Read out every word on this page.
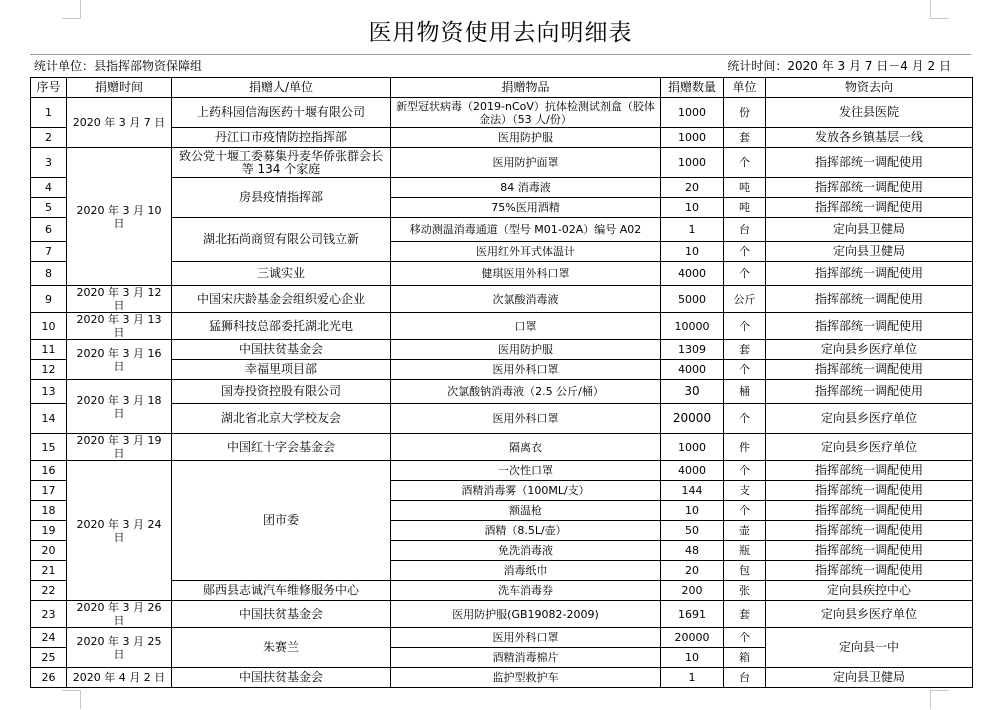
医用物资使用去向明细表
统计单位：县指挥部物资保障组	统计时间：2020 年 3 月 7 日－4 月 2 日
序号	捐赠时间	捐赠人/单位	捐赠物品	捐赠数量	单位	物资去向
1	2020 年 3 月 7 日	上药科园信海医药十堰有限公司	新型冠状病毒（2019-nCoV）抗体检测试剂盒（胶体金法）（53 人/份）	1000	份	发往县医院
2		丹江口市疫情防控指挥部	医用防护服	1000	套	发放各乡镇基层一线
3	2020 年 3 月 10 日	致公党十堰工委募集丹麦华侨张群会长等 134 个家庭	医用防护面罩	1000	个	指挥部统一调配使用
4		房县疫情指挥部	84 消毒液	20	吨	指挥部统一调配使用
5			75%医用酒精	10	吨	指挥部统一调配使用
6		湖北拓尚商贸有限公司钱立新	移动测温消毒通道（型号 M01-02A）编号 A02	1	台	定向县卫健局
7			医用红外耳式体温计	10	个	定向县卫健局
8		三诚实业	健琪医用外科口罩	4000	个	指挥部统一调配使用
9	2020 年 3 月 12 日	中国宋庆龄基金会组织爱心企业	次氯酸消毒液	5000	公斤	指挥部统一调配使用
10	2020 年 3 月 13 日	猛狮科技总部委托湖北光电	口罩	10000	个	指挥部统一调配使用
11	2020 年 3 月 16 日	中国扶贫基金会	医用防护服	1309	套	定向县乡医疗单位
12		幸福里项目部	医用外科口罩	4000	个	指挥部统一调配使用
13	2020 年 3 月 18 日	国寿投资控股有限公司	次氯酸钠消毒液（2.5 公斤/桶）	30	桶	指挥部统一调配使用
14		湖北省北京大学校友会	医用外科口罩	20000	个	定向县乡医疗单位
15	2020 年 3 月 19 日	中国红十字会基金会	隔离衣	1000	件	定向县乡医疗单位
16	2020 年 3 月 24 日	团市委	一次性口罩	4000	个	指挥部统一调配使用
17			酒精消毒雾（100ML/支）	144	支	指挥部统一调配使用
18			额温枪	10	个	指挥部统一调配使用
19			酒精（8.5L/壶）	50	壶	指挥部统一调配使用
20			免洗消毒液	48	瓶	指挥部统一调配使用
21			消毒纸巾	20	包	指挥部统一调配使用
22		郧西县志诚汽车维修服务中心	洗车消毒券	200	张	定向县疾控中心
23	2020 年 3 月 26 日	中国扶贫基金会	医用防护服(GB19082-2009)	1691	套	定向县乡医疗单位
24	2020 年 3 月 25 日	朱赛兰	医用外科口罩	20000	个	定向县一中
25			酒精消毒棉片	10	箱	
26	2020 年 4 月 2 日	中国扶贫基金会	监护型救护车	1	台	定向县卫健局
